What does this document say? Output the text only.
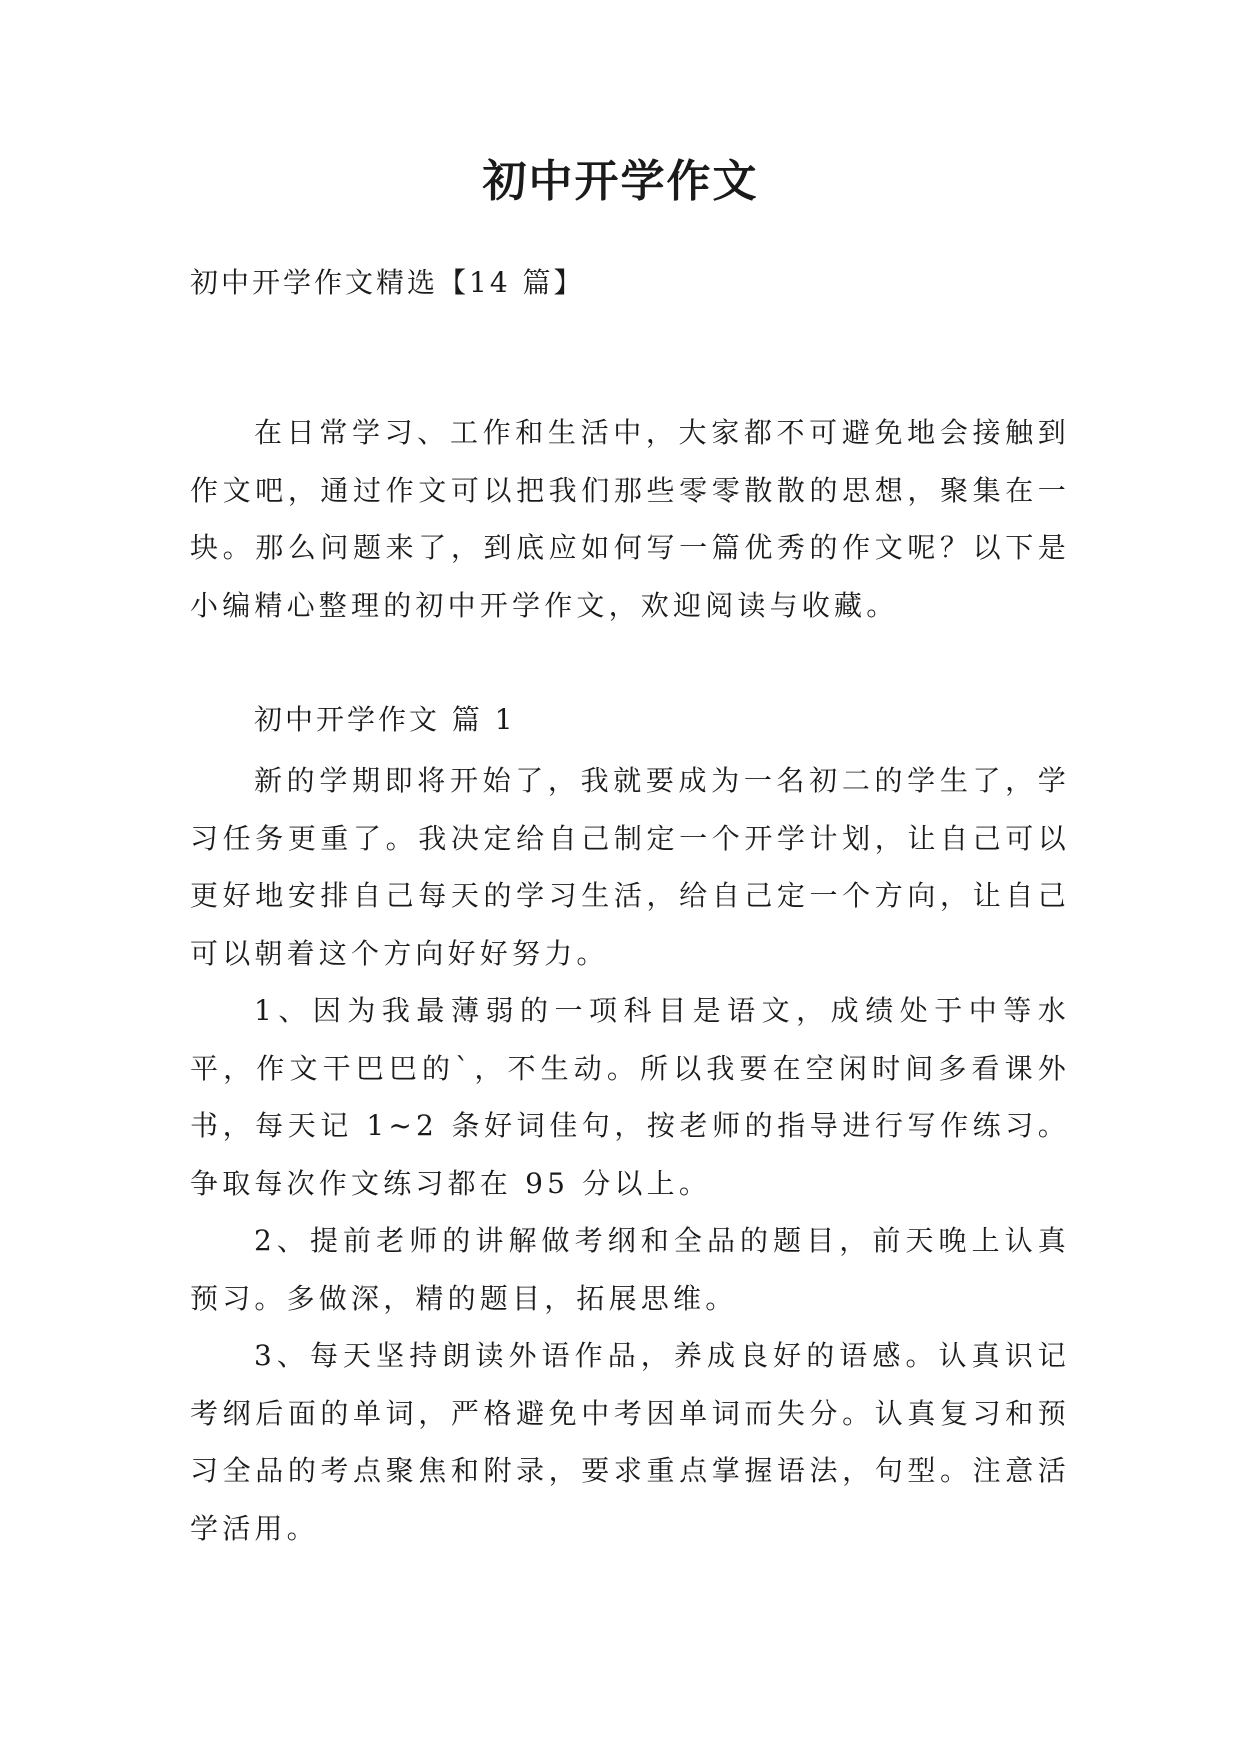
初中开学作文

初中开学作文精选【14 篇】

在日常学习、工作和生活中，大家都不可避免地会接触到作文吧，通过作文可以把我们那些零零散散的思想，聚集在一块。那么问题来了，到底应如何写一篇优秀的作文呢？以下是小编精心整理的初中开学作文，欢迎阅读与收藏。

初中开学作文 篇 1

新的学期即将开始了，我就要成为一名初二的学生了，学习任务更重了。我决定给自己制定一个开学计划，让自己可以更好地安排自己每天的学习生活，给自己定一个方向，让自己可以朝着这个方向好好努力。

1、因为我最薄弱的一项科目是语文，成绩处于中等水平，作文干巴巴的`，不生动。所以我要在空闲时间多看课外书，每天记 1~2 条好词佳句，按老师的指导进行写作练习。争取每次作文练习都在 95 分以上。

2、提前老师的讲解做考纲和全品的题目，前天晚上认真预习。多做深，精的题目，拓展思维。

3、每天坚持朗读外语作品，养成良好的语感。认真识记考纲后面的单词，严格避免中考因单词而失分。认真复习和预习全品的考点聚焦和附录，要求重点掌握语法，句型。注意活学活用。
